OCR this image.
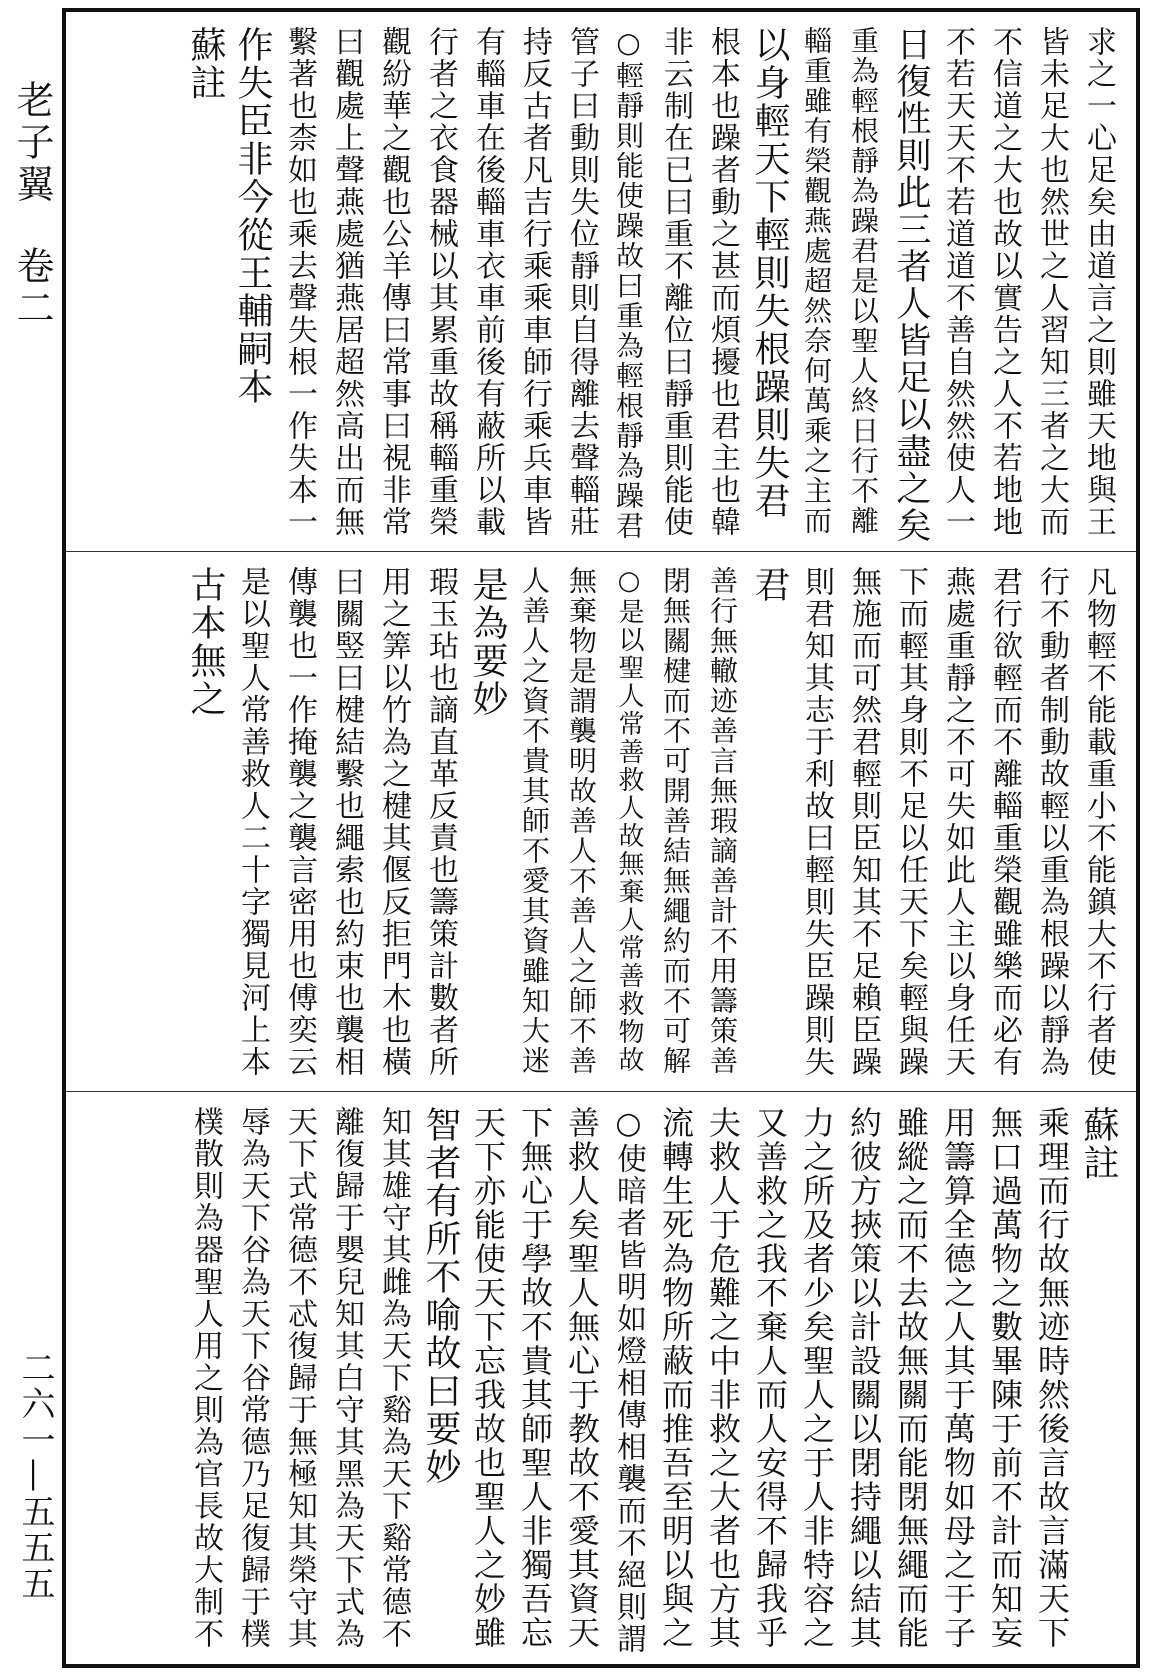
老子翼卷二
二六一—五五五
求之一心足矣由道言之則雖天地與王
皆未足大也然世之人習知三者之大而
不信道之大也故以實告之人不若地地
不若天天不若道道不善自然然使人一
日復性則此三者人皆足以盡之矣
重為輕根靜為躁君是以聖人終日行不離
輜重雖有榮觀燕處超然奈何萬乘之主而
以身輕天下輕則失根躁則失君
根本也躁者動之甚而煩擾也君主也韓
非云制在已曰重不離位曰靜重則能使
○輕靜則能使躁故曰重為輕根靜為躁君
管子曰動則失位靜則自得離去聲輜莊
持反古者凡吉行乘乘車師行乘兵車皆
有輜車在後輜車衣車前後有蔽所以載
行者之衣食器械以其累重故稱輜重榮
觀紛華之觀也公羊傳曰常事曰視非常
曰觀處上聲燕處猶燕居超然高出而無
繫著也柰如也乘去聲失根一作失本一
作失臣非今從王輔嗣本
蘇註
凡物輕不能載重小不能鎮大不行者使
行不動者制動故輕以重為根躁以靜為
君行欲輕而不離輜重榮觀雖樂而必有
燕處重靜之不可失如此人主以身任天
下而輕其身則不足以任天下矣輕與躁
無施而可然君輕則臣知其不足賴臣躁
則君知其志于利故曰輕則失臣躁則失
君
善行無轍迹善言無瑕謫善計不用籌策善
閉無關楗而不可開善結無繩約而不可解
○是以聖人常善救人故無棄人常善救物故
無棄物是謂襲明故善人不善人之師不善
人善人之資不貴其師不愛其資雖知大迷
是為要妙
瑕玉玷也謫直革反責也籌策計數者所
用之筭以竹為之楗其偃反拒門木也橫
曰關竪曰楗結繫也繩索也約束也襲相
傳襲也一作掩襲之襲言密用也傅奕云
是以聖人常善救人二十字獨見河上本
古本無之
蘇註
乘理而行故無迹時然後言故言滿天下
無口過萬物之數畢陳于前不計而知妄
用籌算全德之人其于萬物如母之于子
雖縱之而不去故無關而能閉無繩而能
約彼方挾策以計設關以閉持繩以結其
力之所及者少矣聖人之于人非特容之
又善救之我不棄人而人安得不歸我乎
夫救人于危難之中非救之大者也方其
流轉生死為物所蔽而推吾至明以與之
○使暗者皆明如燈相傳相襲而不絕則謂
善救人矣聖人無心于教故不愛其資天
下無心于學故不貴其師聖人非獨吾忘
天下亦能使天下忘我故也聖人之妙雖
智者有所不喻故曰要妙
知其雄守其雌為天下谿為天下谿常德不
離復歸于嬰兒知其白守其黑為天下式為
天下式常德不忒復歸于無極知其榮守其
辱為天下谷為天下谷常德乃足復歸于樸
樸散則為器聖人用之則為官長故大制不
